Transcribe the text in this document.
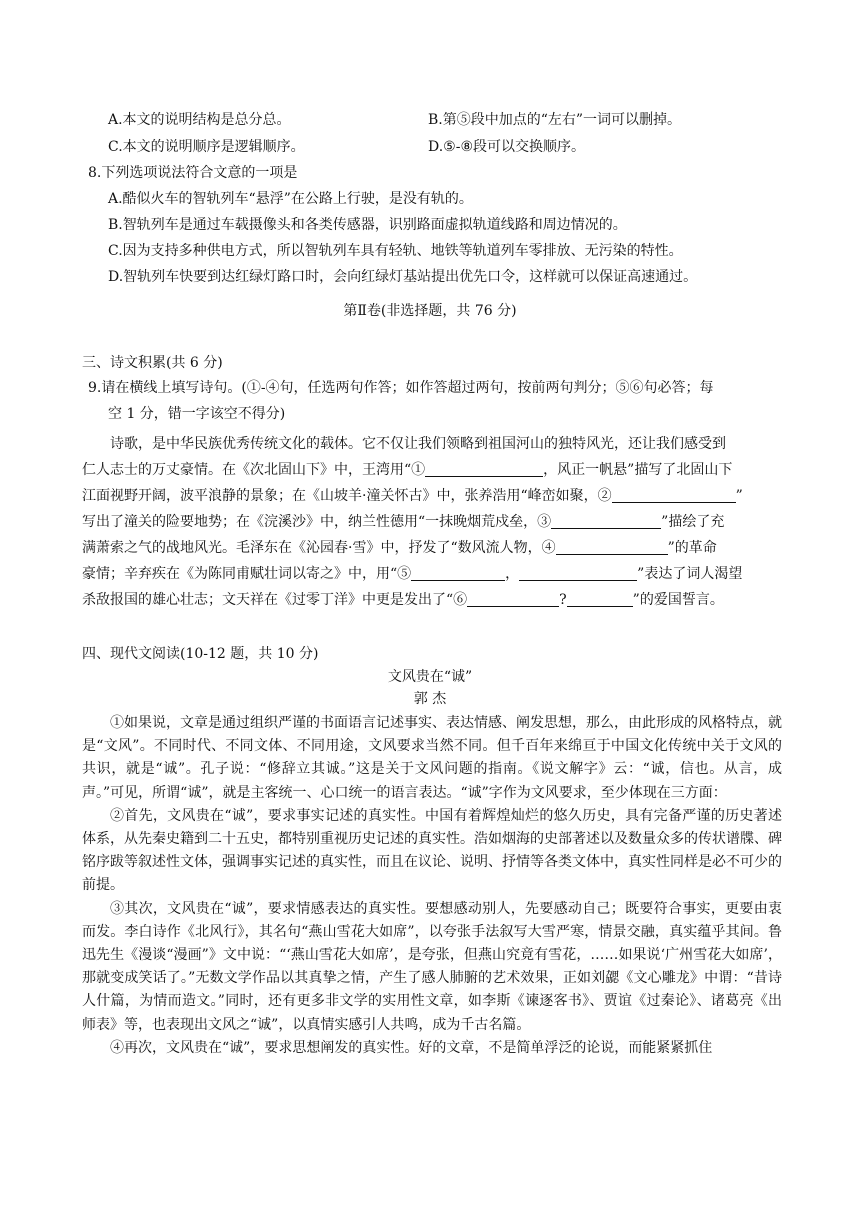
A.本文的说明结构是总分总。	B.第⑤段中加点的“左右”一词可以删掉。
C.本文的说明顺序是逻辑顺序。	D.⑤-⑧段可以交换顺序。
8.下列选项说法符合文意的一项是
A.酷似火车的智轨列车“悬浮”在公路上行驶，是没有轨的。
B.智轨列车是通过车载摄像头和各类传感器，识别路面虚拟轨道线路和周边情况的。
C.因为支持多种供电方式，所以智轨列车具有轻轨、地铁等轨道列车零排放、无污染的特性。
D.智轨列车快要到达红绿灯路口时，会向红绿灯基站提出优先口令，这样就可以保证高速通过。
第Ⅱ卷(非选择题，共 76 分)
三、诗文积累(共 6 分)
9.请在横线上填写诗句。(①-④句，任选两句作答；如作答超过两句，按前两句判分；⑤⑥句必答；每
空 1 分，错一字该空不得分)

诗歌，是中华民族优秀传统文化的载体。它不仅让我们领略到祖国河山的独特风光，还让我们感受到

仁人志士的万丈豪情。在《次北固山下》中，王湾用“①	，风正一帆悬”描写了北固山下

江面视野开阔，波平浪静的景象；在《山坡羊·潼关怀古》中，张养浩用“峰峦如聚，②	”

写出了潼关的险要地势；在《浣溪沙》中，纳兰性德用“一抹晚烟荒戍垒，③	”描绘了充

满萧索之气的战地风光。毛泽东在《沁园春·雪》中，抒发了“数风流人物，④	”的革命

豪情；辛弃疾在《为陈同甫赋壮词以寄之》中，用“⑤	，	”表达了词人渴望

杀敌报国的雄心壮志；文天祥在《过零丁洋》中更是发出了“⑥	?	”的爱国誓言。

四、现代文阅读(10-12 题，共 10 分)
文风贵在“诚”
郭 杰

①如果说，文章是通过组织严谨的书面语言记述事实、表达情感、阐发思想，那么，由此形成的风格特点，就是“文风”。不同时代、不同文体、不同用途，文风要求当然不同。但千百年来绵亘于中国文化传统中关于文风的共识，就是“诚”。孔子说：“修辞立其诚。”这是关于文风问题的指南。《说文解字》云：“诚，信也。从言，成声。”可见，所谓“诚”，就是主客统一、心口统一的语言表达。“诚”字作为文风要求，至少体现在三方面：

②首先，文风贵在“诚”，要求事实记述的真实性。中国有着辉煌灿烂的悠久历史，具有完备严谨的历史著述体系，从先秦史籍到二十五史，都特别重视历史记述的真实性。浩如烟海的史部著述以及数量众多的传状谱牒、碑铭序跋等叙述性文体，强调事实记述的真实性，而且在议论、说明、抒情等各类文体中，真实性同样是必不可少的前提。

③其次，文风贵在“诚”，要求情感表达的真实性。要想感动别人，先要感动自己；既要符合事实，更要由衷而发。李白诗作《北风行》，其名句“燕山雪花大如席”，以夸张手法叙写大雪严寒，情景交融，真实蕴乎其间。鲁迅先生《漫谈“漫画”》文中说：“‘燕山雪花大如席’，是夸张，但燕山究竟有雪花，……如果说‘广州雪花大如席’，那就变成笑话了。”无数文学作品以其真挚之情，产生了感人肺腑的艺术效果，正如刘勰《文心雕龙》中谓：“昔诗人什篇，为情而造文。”同时，还有更多非文学的实用性文章，如李斯《谏逐客书》、贾谊《过秦论》、诸葛亮《出师表》等，也表现出文风之“诚”，以真情实感引人共鸣，成为千古名篇。

④再次，文风贵在“诚”，要求思想阐发的真实性。好的文章，不是简单浮泛的论说，而能紧紧抓住
